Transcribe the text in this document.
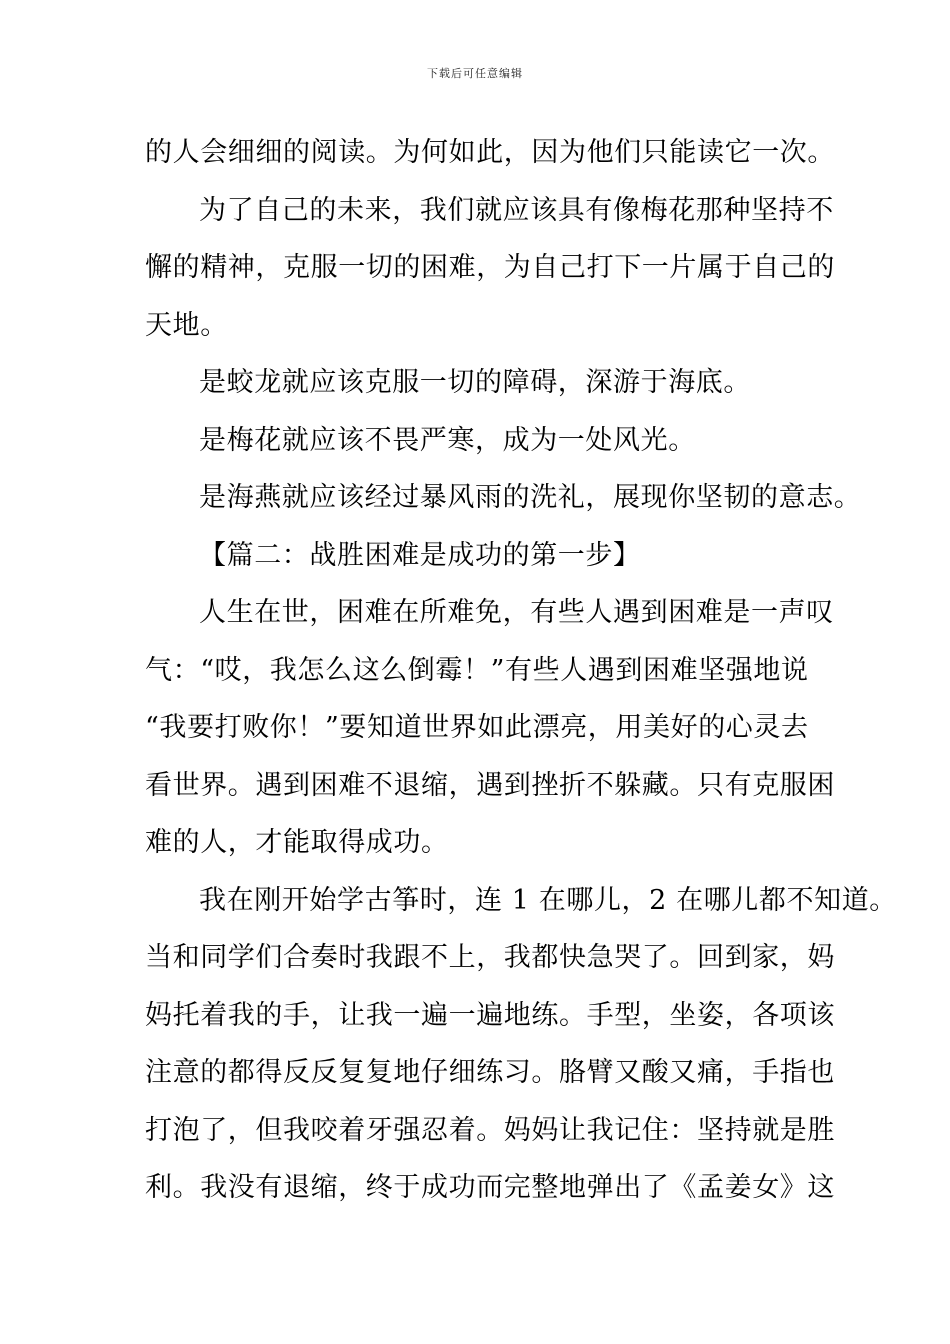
下载后可任意编辑
的人会细细的阅读。为何如此，因为他们只能读它一次。
为了自己的未来，我们就应该具有像梅花那种坚持不
懈的精神，克服一切的困难，为自己打下一片属于自己的
天地。
是蛟龙就应该克服一切的障碍，深游于海底。
是梅花就应该不畏严寒，成为一处风光。
是海燕就应该经过暴风雨的洗礼，展现你坚韧的意志。
【篇二：战胜困难是成功的第一步】
人生在世，困难在所难免，有些人遇到困难是一声叹
气：“哎，我怎么这么倒霉！”有些人遇到困难坚强地说
“我要打败你！”要知道世界如此漂亮，用美好的心灵去
看世界。遇到困难不退缩，遇到挫折不躲藏。只有克服困
难的人，才能取得成功。
我在刚开始学古筝时，连 1 在哪儿，2 在哪儿都不知道。
当和同学们合奏时我跟不上，我都快急哭了。回到家，妈
妈托着我的手，让我一遍一遍地练。手型，坐姿，各项该
注意的都得反反复复地仔细练习。胳臂又酸又痛，手指也
打泡了，但我咬着牙强忍着。妈妈让我记住：坚持就是胜
利。我没有退缩，终于成功而完整地弹出了《孟姜女》这
